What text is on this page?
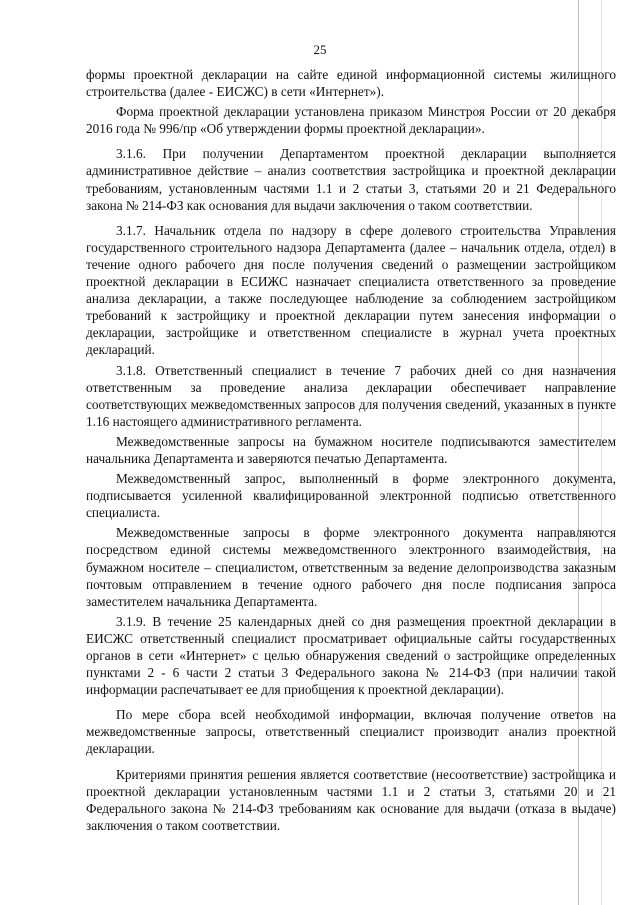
25

формы проектной декларации на сайте единой информационной системы жилищного строительства (далее - ЕИСЖС) в сети «Интернет»).

Форма проектной декларации установлена приказом Минстроя России от 20 декабря 2016 года № 996/пр «Об утверждении формы проектной декларации».

3.1.6. При получении Департаментом проектной декларации выполняется административное действие – анализ соответствия застройщика и проектной декларации требованиям, установленным частями 1.1 и 2 статьи 3, статьями 20 и 21 Федерального закона № 214-ФЗ как основания для выдачи заключения о таком соответствии.

3.1.7. Начальник отдела по надзору в сфере долевого строительства Управления государственного строительного надзора Департамента (далее – начальник отдела, отдел) в течение одного рабочего дня после получения сведений о размещении застройщиком проектной декларации в ЕСИЖС назначает специалиста ответственного за проведение анализа декларации, а также последующее наблюдение за соблюдением застройщиком требований к застройщику и проектной декларации путем занесения информации о декларации, застройщике и ответственном специалисте в журнал учета проектных деклараций.

3.1.8. Ответственный специалист в течение 7 рабочих дней со дня назначения ответственным за проведение анализа декларации обеспечивает направление соответствующих межведомственных запросов для получения сведений, указанных в пункте 1.16 настоящего административного регламента.

Межведомственные запросы на бумажном носителе подписываются заместителем начальника Департамента и заверяются печатью Департамента.

Межведомственный запрос, выполненный в форме электронного документа, подписывается усиленной квалифицированной электронной подписью ответственного специалиста.

Межведомственные запросы в форме электронного документа направляются посредством единой системы межведомственного электронного взаимодействия, на бумажном носителе – специалистом, ответственным за ведение делопроизводства заказным почтовым отправлением в течение одного рабочего дня после подписания запроса заместителем начальника Департамента.

3.1.9. В течение 25 календарных дней со дня размещения проектной декларации в ЕИСЖС ответственный специалист просматривает официальные сайты государственных органов в сети «Интернет» с целью обнаружения сведений о застройщике определенных пунктами 2 - 6 части 2 статьи 3 Федерального закона № 214-ФЗ (при наличии такой информации распечатывает ее для приобщения к проектной декларации).

По мере сбора всей необходимой информации, включая получение ответов на межведомственные запросы, ответственный специалист производит анализ проектной декларации.

Критериями принятия решения является соответствие (несоответствие) застройщика и проектной декларации установленным частями 1.1 и 2 статьи 3, статьями 20 и 21 Федерального закона № 214-ФЗ требованиям как основание для выдачи (отказа в выдаче) заключения о таком соответствии.
